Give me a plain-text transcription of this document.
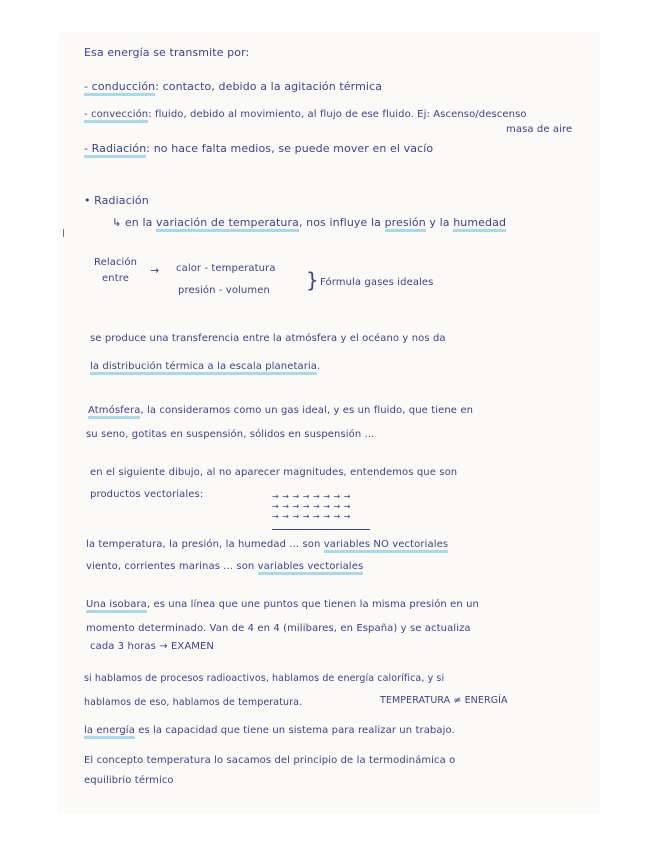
Esa energía se transmite por:

- conducción: contacto, debido a la agitación térmica

- convección: fluido, debido al movimiento, al flujo de ese fluido. Ej: Ascenso/descenso

masa de aire

- Radiación: no hace falta medios, se puede mover en el vacío

• Radiación

↳ en la variación de temperatura, nos influye la presión y la humedad

Relación

entre

→ calor - temperatura

presión - volumen } Fórmula gases ideales

se produce una transferencia entre la atmósfera y el océano y nos da

la distribución térmica a la escala planetaria.

Atmósfera, la consideramos como un gas ideal, y es un fluido, que tiene en

su seno, gotitas en suspensión, sólidos en suspensión ...

en el siguiente dibujo, al no aparecer magnitudes, entendemos que son

productos vectoriales:	→ → → → → → → →
→ → → → → → → →
→ → → → → → → →

la temperatura, la presión, la humedad ... son variables NO vectoriales

viento, corrientes marinas ... son variables vectoriales

Una isobara, es una línea que une puntos que tienen la misma presión en un

momento determinado. Van de 4 en 4 (milibares, en España) y se actualiza

cada 3 horas → EXAMEN

si hablamos de procesos radioactivos, hablamos de energía calorífica, y si

hablamos de eso, hablamos de temperatura.	TEMPERATURA ≠ ENERGÍA

la energía es la capacidad que tiene un sistema para realizar un trabajo.

El concepto temperatura lo sacamos del principio de la termodinámica o

equilibrio térmico
